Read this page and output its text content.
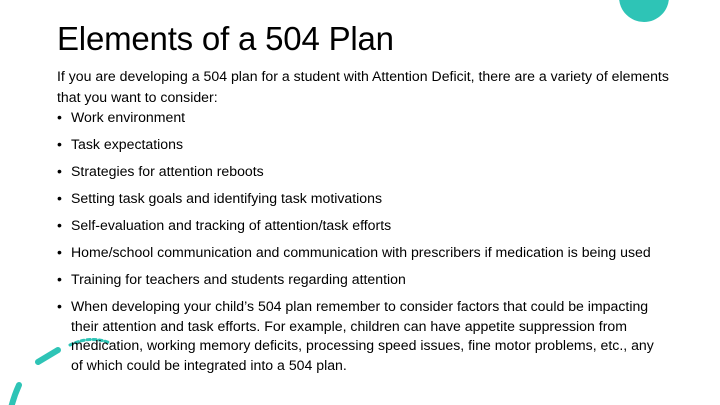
Elements of a 504 Plan

If you are developing a 504 plan for a student with Attention Deficit, there are a variety of elements that you want to consider:

• Work environment
• Task expectations
• Strategies for attention reboots
• Setting task goals and identifying task motivations
• Self-evaluation and tracking of attention/task efforts
• Home/school communication and communication with prescribers if medication is being used
• Training for teachers and students regarding attention
• When developing your child’s 504 plan remember to consider factors that could be impacting their attention and task efforts. For example, children can have appetite suppression from medication, working memory deficits, processing speed issues, fine motor problems, etc., any of which could be integrated into a 504 plan.
